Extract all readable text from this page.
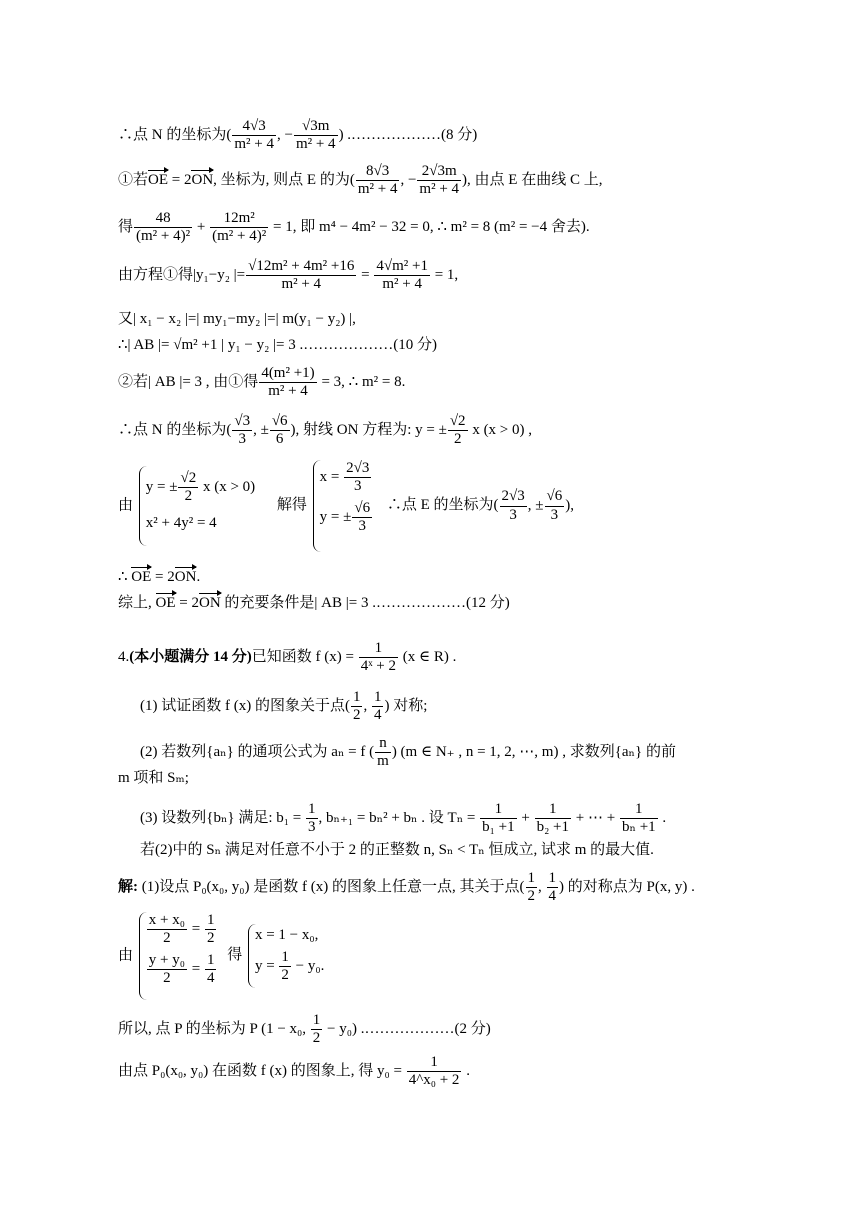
∴点 N 的坐标为( $\frac{4√3}{\text{m² + 4}}$ , − $\frac{√3m}{\text{m² + 4}}$ ) .………………(8 分)
①若OE = 2ON, 坐标为, 则点 E 的为( $\frac{8√3}{\text{m² + 4}}$ , − $\frac{2√3m}{\text{m² + 4}}$ ), 由点 E 在曲线 C 上,
得 $\frac{48}{\text{(m² + 4)²}} + \frac{\text{12m²}}{\text{(m² + 4)²}} = 1$, 即 m⁴ − 4m² − 32 = 0, ∴ m² = 8 (m² = −4 舍去).
由方程①得|y₁−y₂ |= $\frac{\text{√12m² + 4m² +16}}{\text{m² + 4}} = \frac{\text{4√m² +1}}{\text{m² + 4}} = 1$,
又| x₁ − x₂ |=| my₁−my₂ |=| m(y₁ − y₂) |,
∴| AB |= √m² +1 | y₁ − y₂ |= 3 .………………(10 分)
②若| AB |= 3 , 由①得 $\frac{\text{4(m² +1)}}{\text{m² + 4}} = 3$, ∴ m² = 8.
∴点 N 的坐标为( $\frac{√3}{3}$ , ± $\frac{√6}{6}$ ), 射线 ON 方程为: y = ± $\frac{√2}{2}$ x (x > 0) ,
由
y = ± $\frac{√2}{2}$ x (x > 0)
x² + 4y² = 4
解得
$x = \frac{2√3}{3}$
y = ± $\frac{√6}{3}$ ∴点 E 的坐标为( $\frac{2√3}{3}$ , ± $\frac{√6}{3}$ ),
∴ OE = 2ON.
综上, OE = 2ON 的充要条件是| AB |= 3 .………………(12 分)
4.(本小题满分 14 分)已知函数 f $(x) = \frac{1}{\text{4ˣ + 2}} (x$ ∈ R) .
(1) 试证函数 f (x) 的图象关于点( $\frac{1}{2}$ , $\frac{1}{4}$ ) 对称;
(2) 若数列{aₙ} 的通项公式为 aₙ = f ( $\frac{n}{m}$ ) (m ∈ N₊ , n = 1, 2, ⋯, m) , 求数列{aₙ} 的前
m 项和 Sₘ;
(3) 设数列{bₙ} 满足: $b_1 = \frac{1}{3}$ , bₙ₊₁ = bₙ² + bₙ . 设 $T_n = \frac{1}{\text{b₁ +1}} + \frac{1}{\text{b₂ +1}}$ + ⋯ + $\frac{1}{\text{bₙ +1}}$ .
若(2)中的 Sₙ 满足对任意不小于 2 的正整数 n, Sₙ < Tₙ 恒成立, 试求 m 的最大值.
解: (1)设点 P₀(x₀, y₀) 是函数 f (x) 的图象上任意一点, 其关于点( $\frac{1}{2}$ , $\frac{1}{4}$ ) 的对称点为 P(x, y) .
由
$\frac{\text{x + x₀}}{2} = \frac{1}{2}$
$\frac{\text{y + y₀}}{2} = \frac{1}{4}$ 得
x = 1 − x₀,
$y = \frac{1}{2} - y_0$.
所以, 点 P 的坐标为 P (1 − x₀, $\frac{1}{2} - y_0$) .………………(2 分)
由点 P₀(x₀, y₀) 在函数 f (x) 的图象上, 得 $y_0 = \frac{1}{\text{4\textasciicircum{}x₀ + 2}}$ .
